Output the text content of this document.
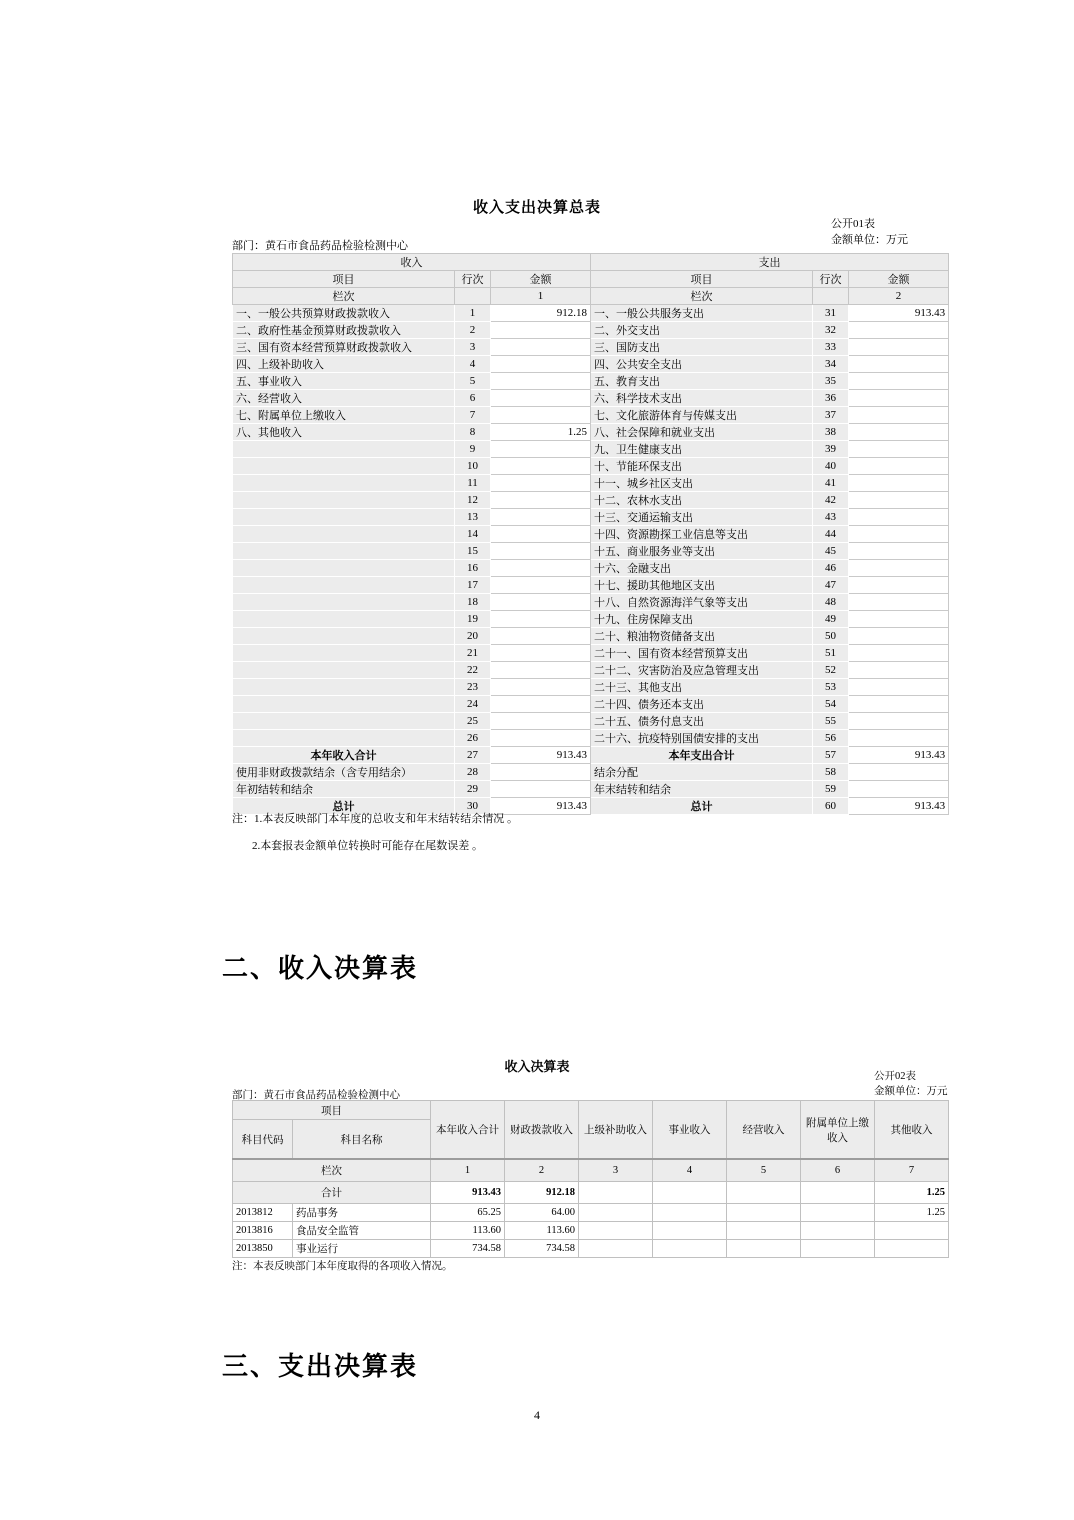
收入支出决算总表
公开01表
金额单位：万元
部门：黄石市食品药品检验检测中心
收入			支出		
项目	行次	金额	项目	行次	金额
栏次		1	栏次		2
一、一般公共预算财政拨款收入	1	912.18	一、一般公共服务支出	31	913.43
二、政府性基金预算财政拨款收入	2		二、外交支出	32	
三、国有资本经营预算财政拨款收入	3		三、国防支出	33	
四、上级补助收入	4		四、公共安全支出	34	
五、事业收入	5		五、教育支出	35	
六、经营收入	6		六、科学技术支出	36	
七、附属单位上缴收入	7		七、文化旅游体育与传媒支出	37	
八、其他收入	8	1.25	八、社会保障和就业支出	38	
	9		九、卫生健康支出	39	
	10		十、节能环保支出	40	
	11		十一、城乡社区支出	41	
	12		十二、农林水支出	42	
	13		十三、交通运输支出	43	
	14		十四、资源勘探工业信息等支出	44	
	15		十五、商业服务业等支出	45	
	16		十六、金融支出	46	
	17		十七、援助其他地区支出	47	
	18		十八、自然资源海洋气象等支出	48	
	19		十九、住房保障支出	49	
	20		二十、粮油物资储备支出	50	
	21		二十一、国有资本经营预算支出	51	
	22		二十二、灾害防治及应急管理支出	52	
	23		二十三、其他支出	53	
	24		二十四、债务还本支出	54	
	25		二十五、债务付息支出	55	
	26		二十六、抗疫特别国债安排的支出	56	
本年收入合计	27	913.43	本年支出合计	57	913.43
使用非财政拨款结余（含专用结余）	28		结余分配	58	
年初结转和结余	29		年末结转和结余	59	
总计	30	913.43	总计	60	913.43
注：1.本表反映部门本年度的总收支和年末结转结余情况 。
2.本套报表金额单位转换时可能存在尾数误差 。
二、收入决算表
收入决算表
公开02表
金额单位：万元
部门：黄石市食品药品检验检测中心
项目		本年收入合计	财政拨款收入	上级补助收入	事业收入	经营收入	附属单位上缴收入	其他收入
科目代码	科目名称							
栏次		1	2	3	4	5	6	7
合计		913.43	912.18					1.25
2013812	药品事务	65.25	64.00					1.25
2013816	食品安全监管	113.60	113.60					
2013850	事业运行	734.58	734.58					
注：本表反映部门本年度取得的各项收入情况。
三、支出决算表
4
